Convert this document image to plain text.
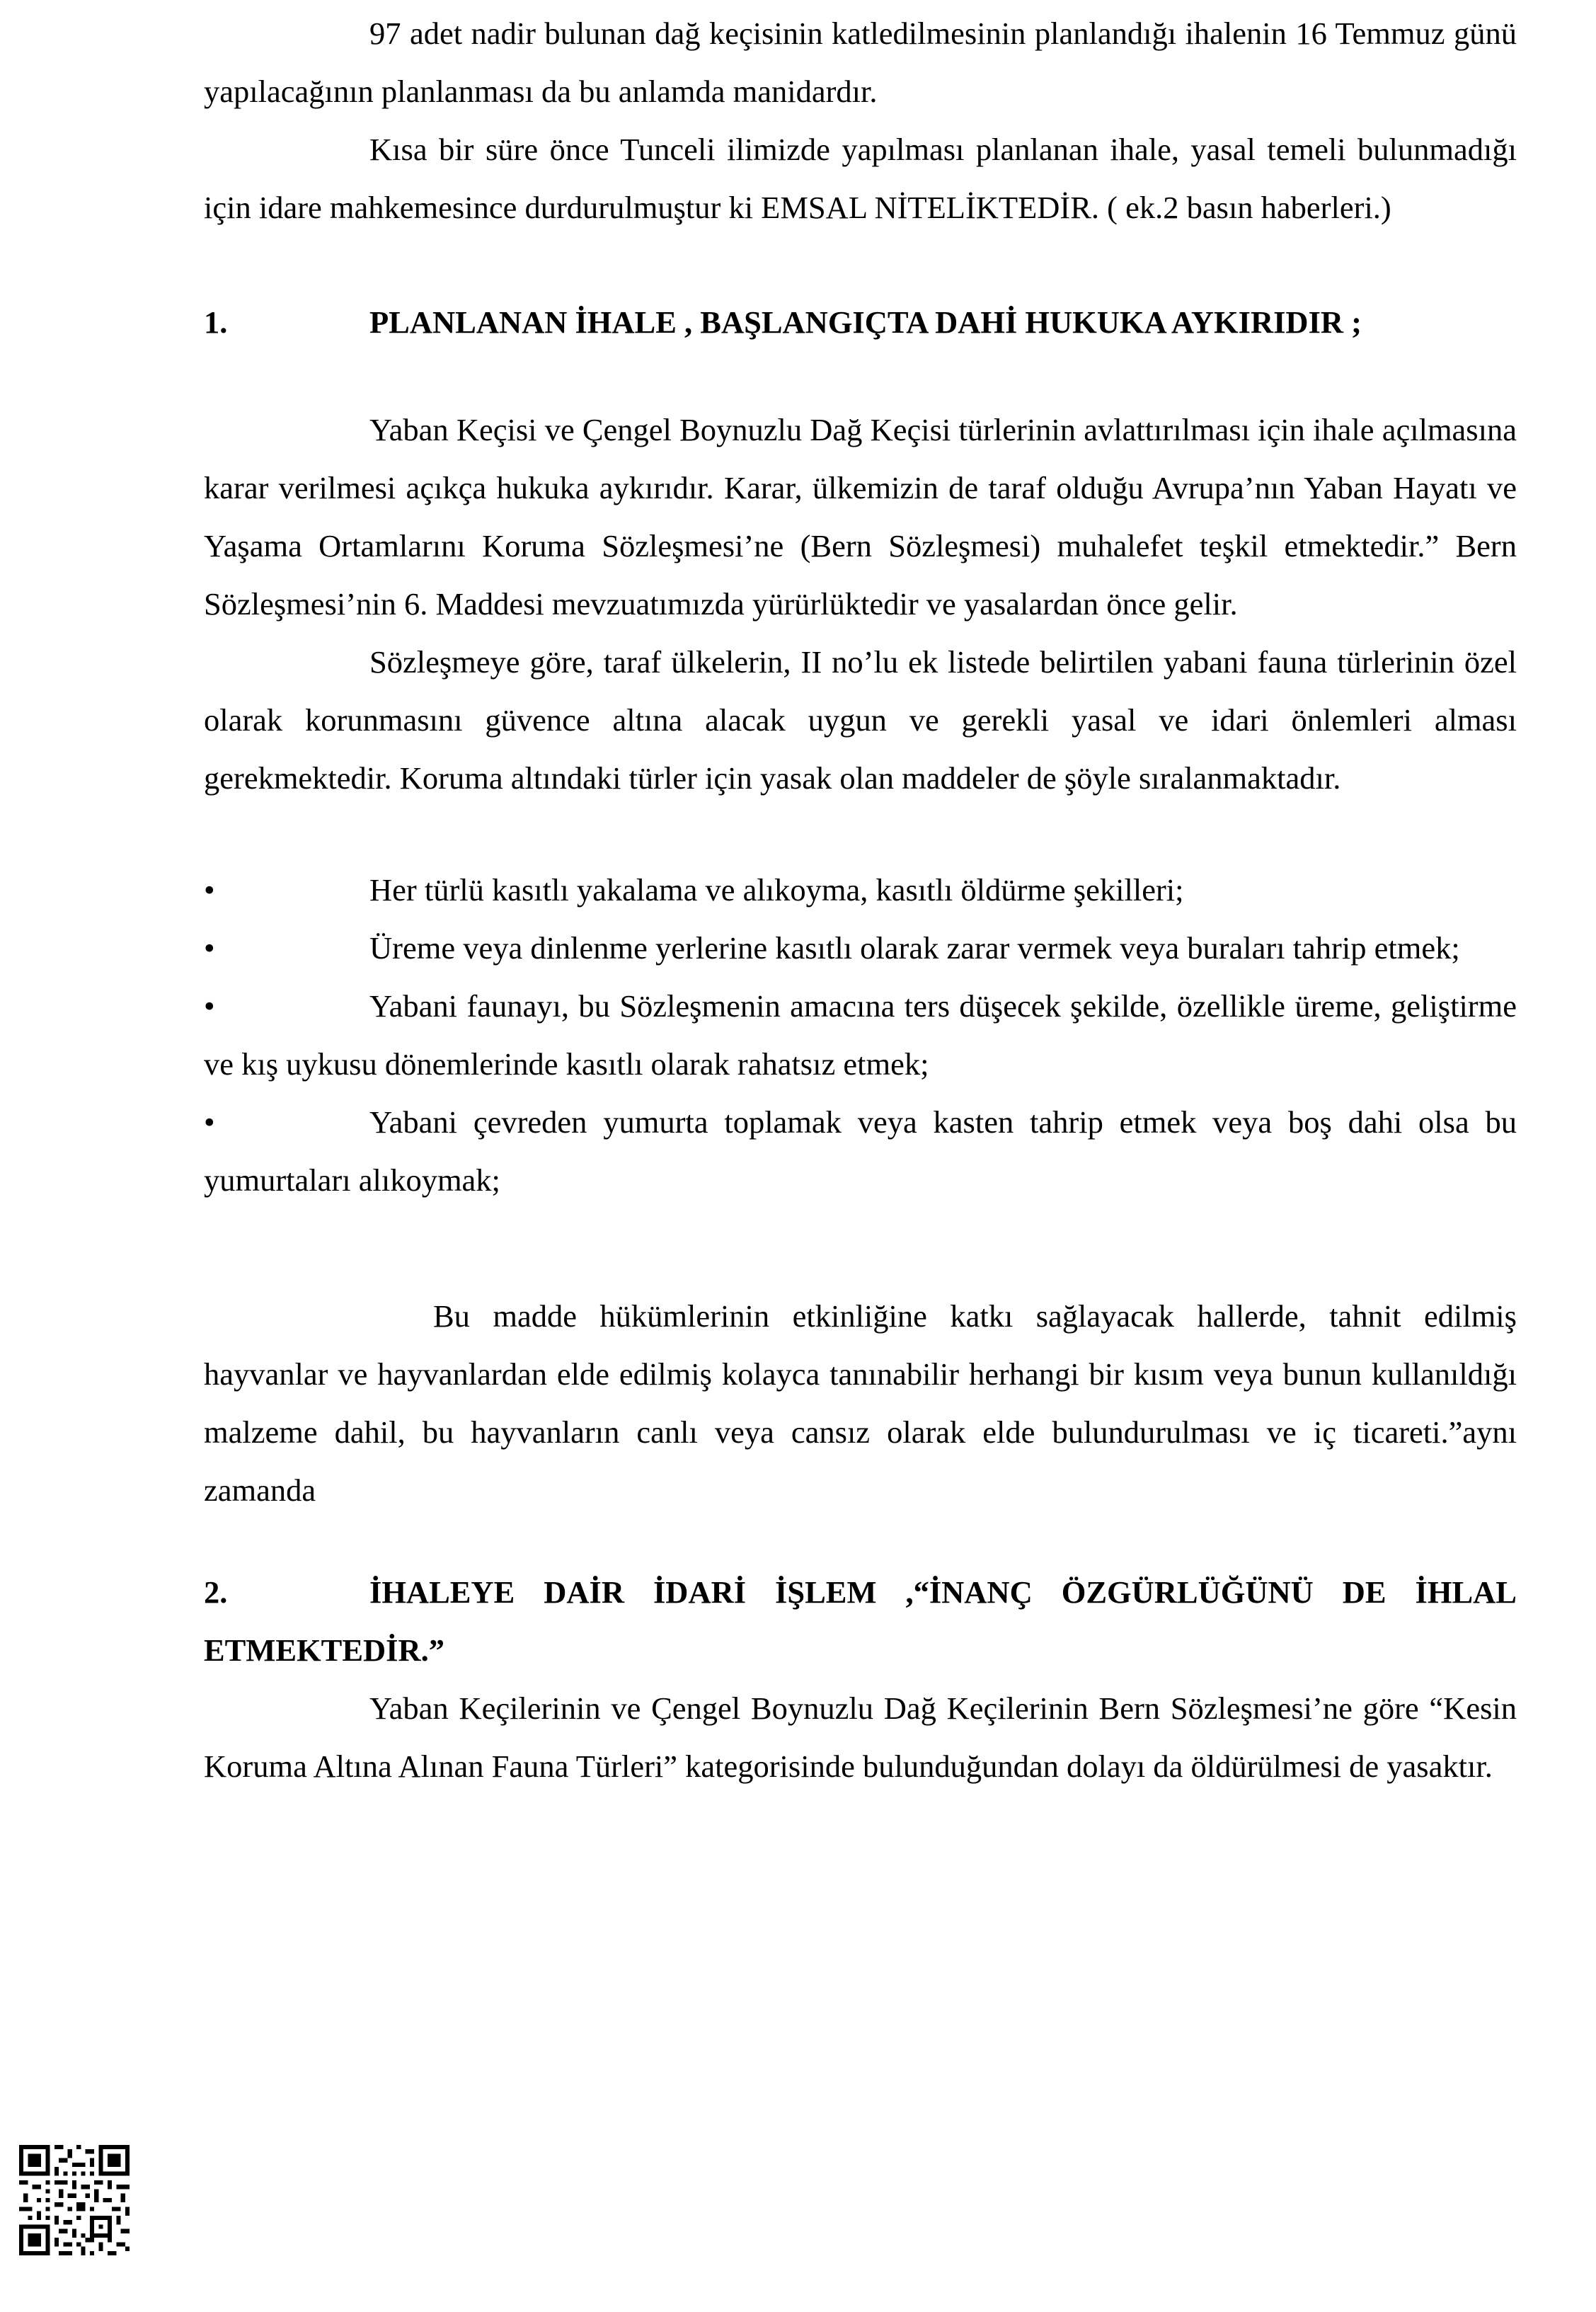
97 adet nadir bulunan dağ keçisinin katledilmesinin planlandığı ihalenin 16 Temmuz günü yapılacağının planlanması da bu anlamda manidardır.

Kısa bir süre önce Tunceli ilimizde yapılması planlanan ihale, yasal temeli bulunmadığı için idare mahkemesince durdurulmuştur ki EMSAL NİTELİKTEDİR. ( ek.2 basın haberleri.)

1.	PLANLANAN İHALE , BAŞLANGIÇTA DAHİ HUKUKA AYKIRIDIR ;

Yaban Keçisi ve Çengel Boynuzlu Dağ Keçisi türlerinin avlattırılması için ihale açılmasına karar verilmesi açıkça hukuka aykırıdır. Karar, ülkemizin de taraf olduğu Avrupa’nın Yaban Hayatı ve Yaşama Ortamlarını Koruma Sözleşmesi’ne (Bern Sözleşmesi) muhalefet teşkil etmektedir.” Bern Sözleşmesi’nin 6. Maddesi mevzuatımızda yürürlüktedir ve yasalardan önce gelir.

Sözleşmeye göre, taraf ülkelerin, II no’lu ek listede belirtilen yabani fauna türlerinin özel olarak korunmasını güvence altına alacak uygun ve gerekli yasal ve idari önlemleri alması gerekmektedir. Koruma altındaki türler için yasak olan maddeler de şöyle sıralanmaktadır.

•	Her türlü kasıtlı yakalama ve alıkoyma, kasıtlı öldürme şekilleri;
•	Üreme veya dinlenme yerlerine kasıtlı olarak zarar vermek veya buraları tahrip etmek;
•	Yabani faunayı, bu Sözleşmenin amacına ters düşecek şekilde, özellikle üreme, geliştirme ve kış uykusu dönemlerinde kasıtlı olarak rahatsız etmek;
•	Yabani çevreden yumurta toplamak veya kasten tahrip etmek veya boş dahi olsa bu yumurtaları alıkoymak;

Bu madde hükümlerinin etkinliğine katkı sağlayacak hallerde, tahnit edilmiş hayvanlar ve hayvanlardan elde edilmiş kolayca tanınabilir herhangi bir kısım veya bunun kullanıldığı malzeme dahil, bu hayvanların canlı veya cansız olarak elde bulundurulması ve iç ticareti.”aynı zamanda

2.	İHALEYE DAİR İDARİ İŞLEM ,“İNANÇ ÖZGÜRLÜĞÜNÜ DE İHLAL ETMEKTEDİR.”

Yaban Keçilerinin ve Çengel Boynuzlu Dağ Keçilerinin Bern Sözleşmesi’ne göre “Kesin Koruma Altına Alınan Fauna Türleri” kategorisinde bulunduğundan dolayı da öldürülmesi de yasaktır.
